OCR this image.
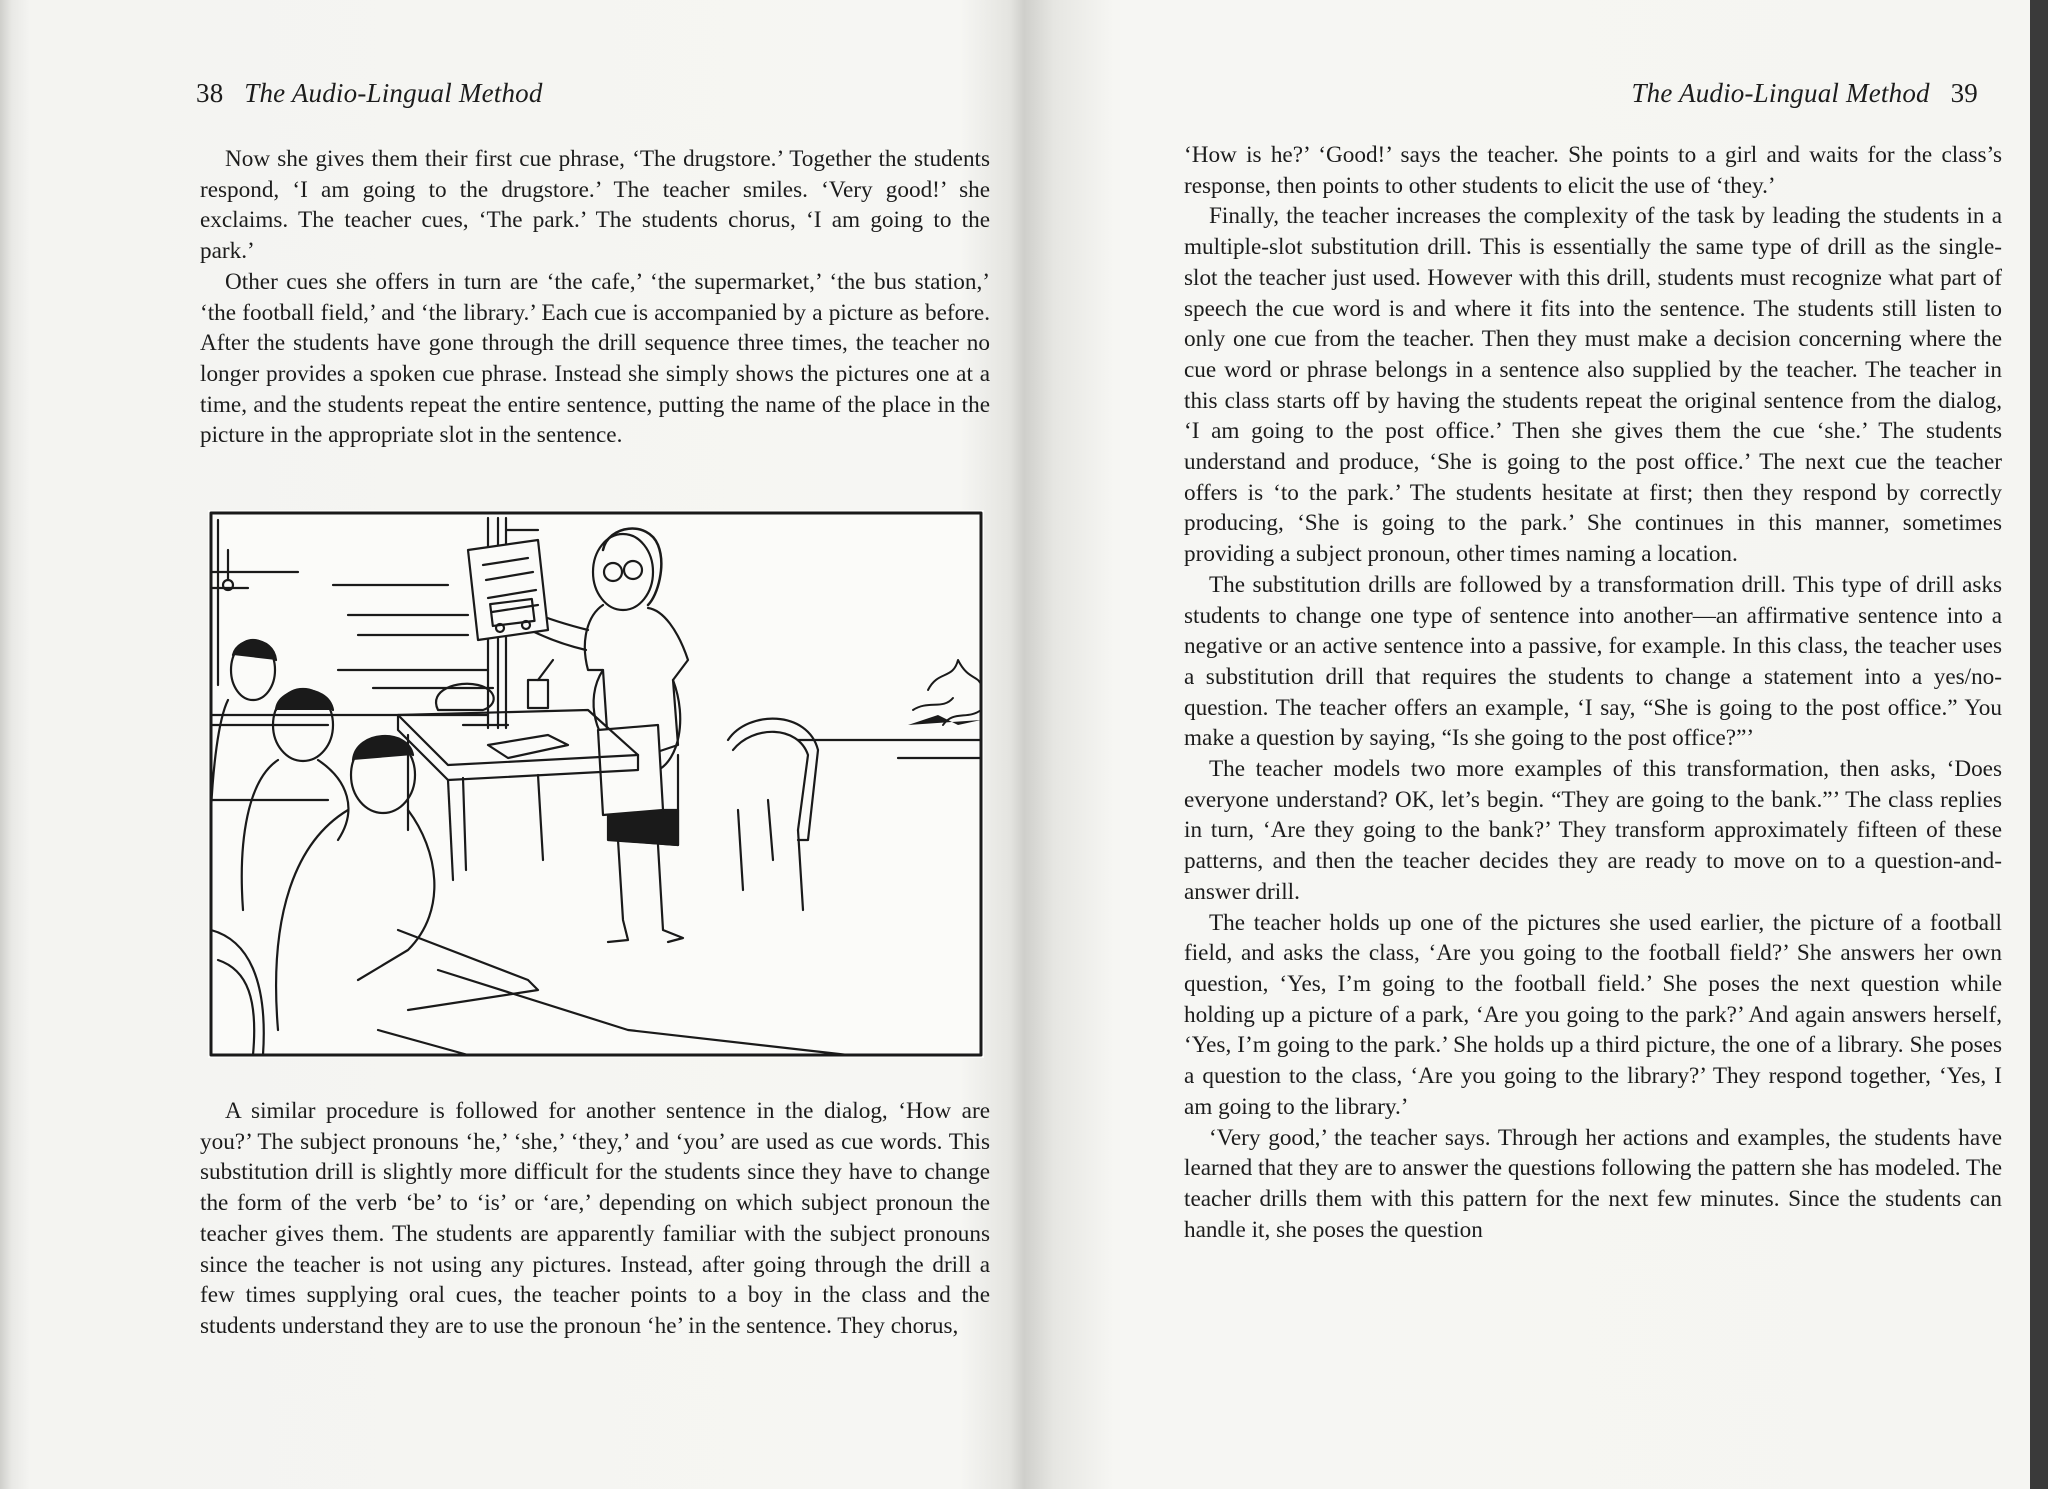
38 The Audio-Lingual Method

Now she gives them their first cue phrase, ‘The drugstore.’ Together the students respond, ‘I am going to the drugstore.’ The teacher smiles. ‘Very good!’ she exclaims. The teacher cues, ‘The park.’ The students chorus, ‘I am going to the park.’

Other cues she offers in turn are ‘the cafe,’ ‘the supermarket,’ ‘the bus station,’ ‘the football field,’ and ‘the library.’ Each cue is accompanied by a picture as before. After the students have gone through the drill sequence three times, the teacher no longer provides a spoken cue phrase. Instead she simply shows the pictures one at a time, and the students repeat the entire sentence, putting the name of the place in the picture in the appropriate slot in the sentence.

A similar procedure is followed for another sentence in the dialog, ‘How are you?’ The subject pronouns ‘he,’ ‘she,’ ‘they,’ and ‘you’ are used as cue words. This substitution drill is slightly more difficult for the students since they have to change the form of the verb ‘be’ to ‘is’ or ‘are,’ depending on which subject pronoun the teacher gives them. The students are apparently familiar with the subject pronouns since the teacher is not using any pictures. Instead, after going through the drill a few times supplying oral cues, the teacher points to a boy in the class and the students understand they are to use the pronoun ‘he’ in the sentence. They chorus,

The Audio-Lingual Method 39

‘How is he?’ ‘Good!’ says the teacher. She points to a girl and waits for the class’s response, then points to other students to elicit the use of ‘they.’

Finally, the teacher increases the complexity of the task by leading the students in a multiple-slot substitution drill. This is essentially the same type of drill as the single-slot the teacher just used. However with this drill, students must recognize what part of speech the cue word is and where it fits into the sentence. The students still listen to only one cue from the teacher. Then they must make a decision concerning where the cue word or phrase belongs in a sentence also supplied by the teacher. The teacher in this class starts off by having the students repeat the original sentence from the dialog, ‘I am going to the post office.’ Then she gives them the cue ‘she.’ The students understand and produce, ‘She is going to the post office.’ The next cue the teacher offers is ‘to the park.’ The students hesitate at first; then they respond by correctly producing, ‘She is going to the park.’ She continues in this manner, sometimes providing a subject pronoun, other times naming a location.

The substitution drills are followed by a transformation drill. This type of drill asks students to change one type of sentence into another—an affirmative sentence into a negative or an active sentence into a passive, for example. In this class, the teacher uses a substitution drill that requires the students to change a statement into a yes/no-question. The teacher offers an example, ‘I say, “She is going to the post office.” You make a question by saying, “Is she going to the post office?”’

The teacher models two more examples of this transformation, then asks, ‘Does everyone understand? OK, let’s begin. “They are going to the bank.”’ The class replies in turn, ‘Are they going to the bank?’ They transform approximately fifteen of these patterns, and then the teacher decides they are ready to move on to a question-and-answer drill.

The teacher holds up one of the pictures she used earlier, the picture of a football field, and asks the class, ‘Are you going to the football field?’ She answers her own question, ‘Yes, I’m going to the football field.’ She poses the next question while holding up a picture of a park, ‘Are you going to the park?’ And again answers herself, ‘Yes, I’m going to the park.’ She holds up a third picture, the one of a library. She poses a question to the class, ‘Are you going to the library?’ They respond together, ‘Yes, I am going to the library.’

‘Very good,’ the teacher says. Through her actions and examples, the students have learned that they are to answer the questions following the pattern she has modeled. The teacher drills them with this pattern for the next few minutes. Since the students can handle it, she poses the question
